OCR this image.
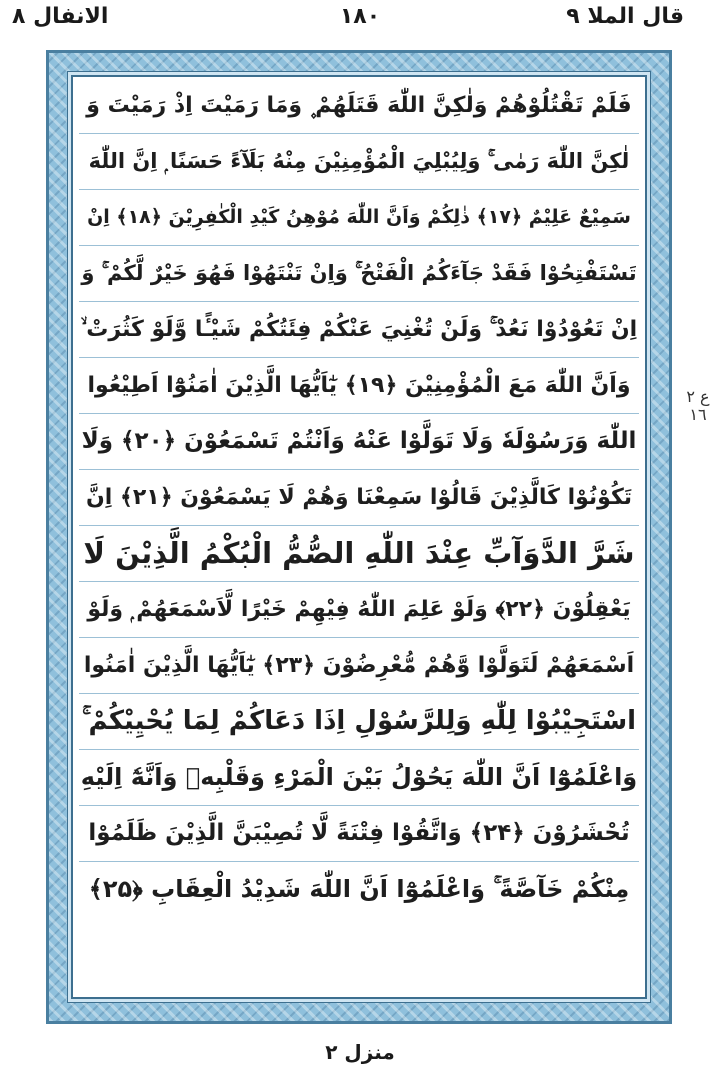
قال الملا ٩
١٨٠
الانفال ٨
فَلَمْ تَقْتُلُوْهُمْ وَلٰكِنَّ اللّٰهَ قَتَلَهُمْ ۪ وَمَا رَمَيْتَ اِذْ رَمَيْتَ وَ
لٰكِنَّ اللّٰهَ رَمٰى ۚ وَلِيُبْلِيَ الْمُؤْمِنِيْنَ مِنْهُ بَلَآءً حَسَنًا ۭ اِنَّ اللّٰهَ
سَمِيْعٌ عَلِيْمٌ ﴿۱۷﴾ ذٰلِكُمْ وَاَنَّ اللّٰهَ مُوْهِنُ كَيْدِ الْكٰفِرِيْنَ ﴿۱۸﴾ اِنْ
تَسْتَفْتِحُوْا فَقَدْ جَآءَكُمُ الْفَتْحُ ۚ وَاِنْ تَنْتَهُوْا فَهُوَ خَيْرٌ لَّكُمْ ۚ وَ
اِنْ تَعُوْدُوْا نَعُدْ ۚ وَلَنْ تُغْنِيَ عَنْكُمْ فِئَتُكُمْ شَيْـًٔا وَّلَوْ كَثُرَتْ ۙ
وَاَنَّ اللّٰهَ مَعَ الْمُؤْمِنِيْنَ ﴿۱۹﴾ يٰٓاَيُّهَا الَّذِيْنَ اٰمَنُوْٓا اَطِيْعُوا
اللّٰهَ وَرَسُوْلَهٗ وَلَا تَوَلَّوْا عَنْهُ وَاَنْتُمْ تَسْمَعُوْنَ ﴿۲۰﴾ وَلَا
تَكُوْنُوْا كَالَّذِيْنَ قَالُوْا سَمِعْنَا وَهُمْ لَا يَسْمَعُوْنَ ﴿۲۱﴾ اِنَّ
شَرَّ الدَّوَآبِّ عِنْدَ اللّٰهِ الصُّمُّ الْبُكْمُ الَّذِيْنَ لَا
يَعْقِلُوْنَ ﴿۲۲﴾ وَلَوْ عَلِمَ اللّٰهُ فِيْهِمْ خَيْرًا لَّاَسْمَعَهُمْ ۭ وَلَوْ
اَسْمَعَهُمْ لَتَوَلَّوْا وَّهُمْ مُّعْرِضُوْنَ ﴿۲۳﴾ يٰٓاَيُّهَا الَّذِيْنَ اٰمَنُوا
اسْتَجِيْبُوْا لِلّٰهِ وَلِلرَّسُوْلِ اِذَا دَعَاكُمْ لِمَا يُحْيِيْكُمْ ۚ
وَاعْلَمُوْٓا اَنَّ اللّٰهَ يَحُوْلُ بَيْنَ الْمَرْءِ وَقَلْبِهٖ وَاَنَّهٗٓ اِلَيْهِ
تُحْشَرُوْنَ ﴿۲۴﴾ وَاتَّقُوْا فِتْنَةً لَّا تُصِيْبَنَّ الَّذِيْنَ ظَلَمُوْا
مِنْكُمْ خَآصَّةً ۚ وَاعْلَمُوْٓا اَنَّ اللّٰهَ شَدِيْدُ الْعِقَابِ ﴿۲۵﴾
ع ٢ ١٦
منزل ٢
